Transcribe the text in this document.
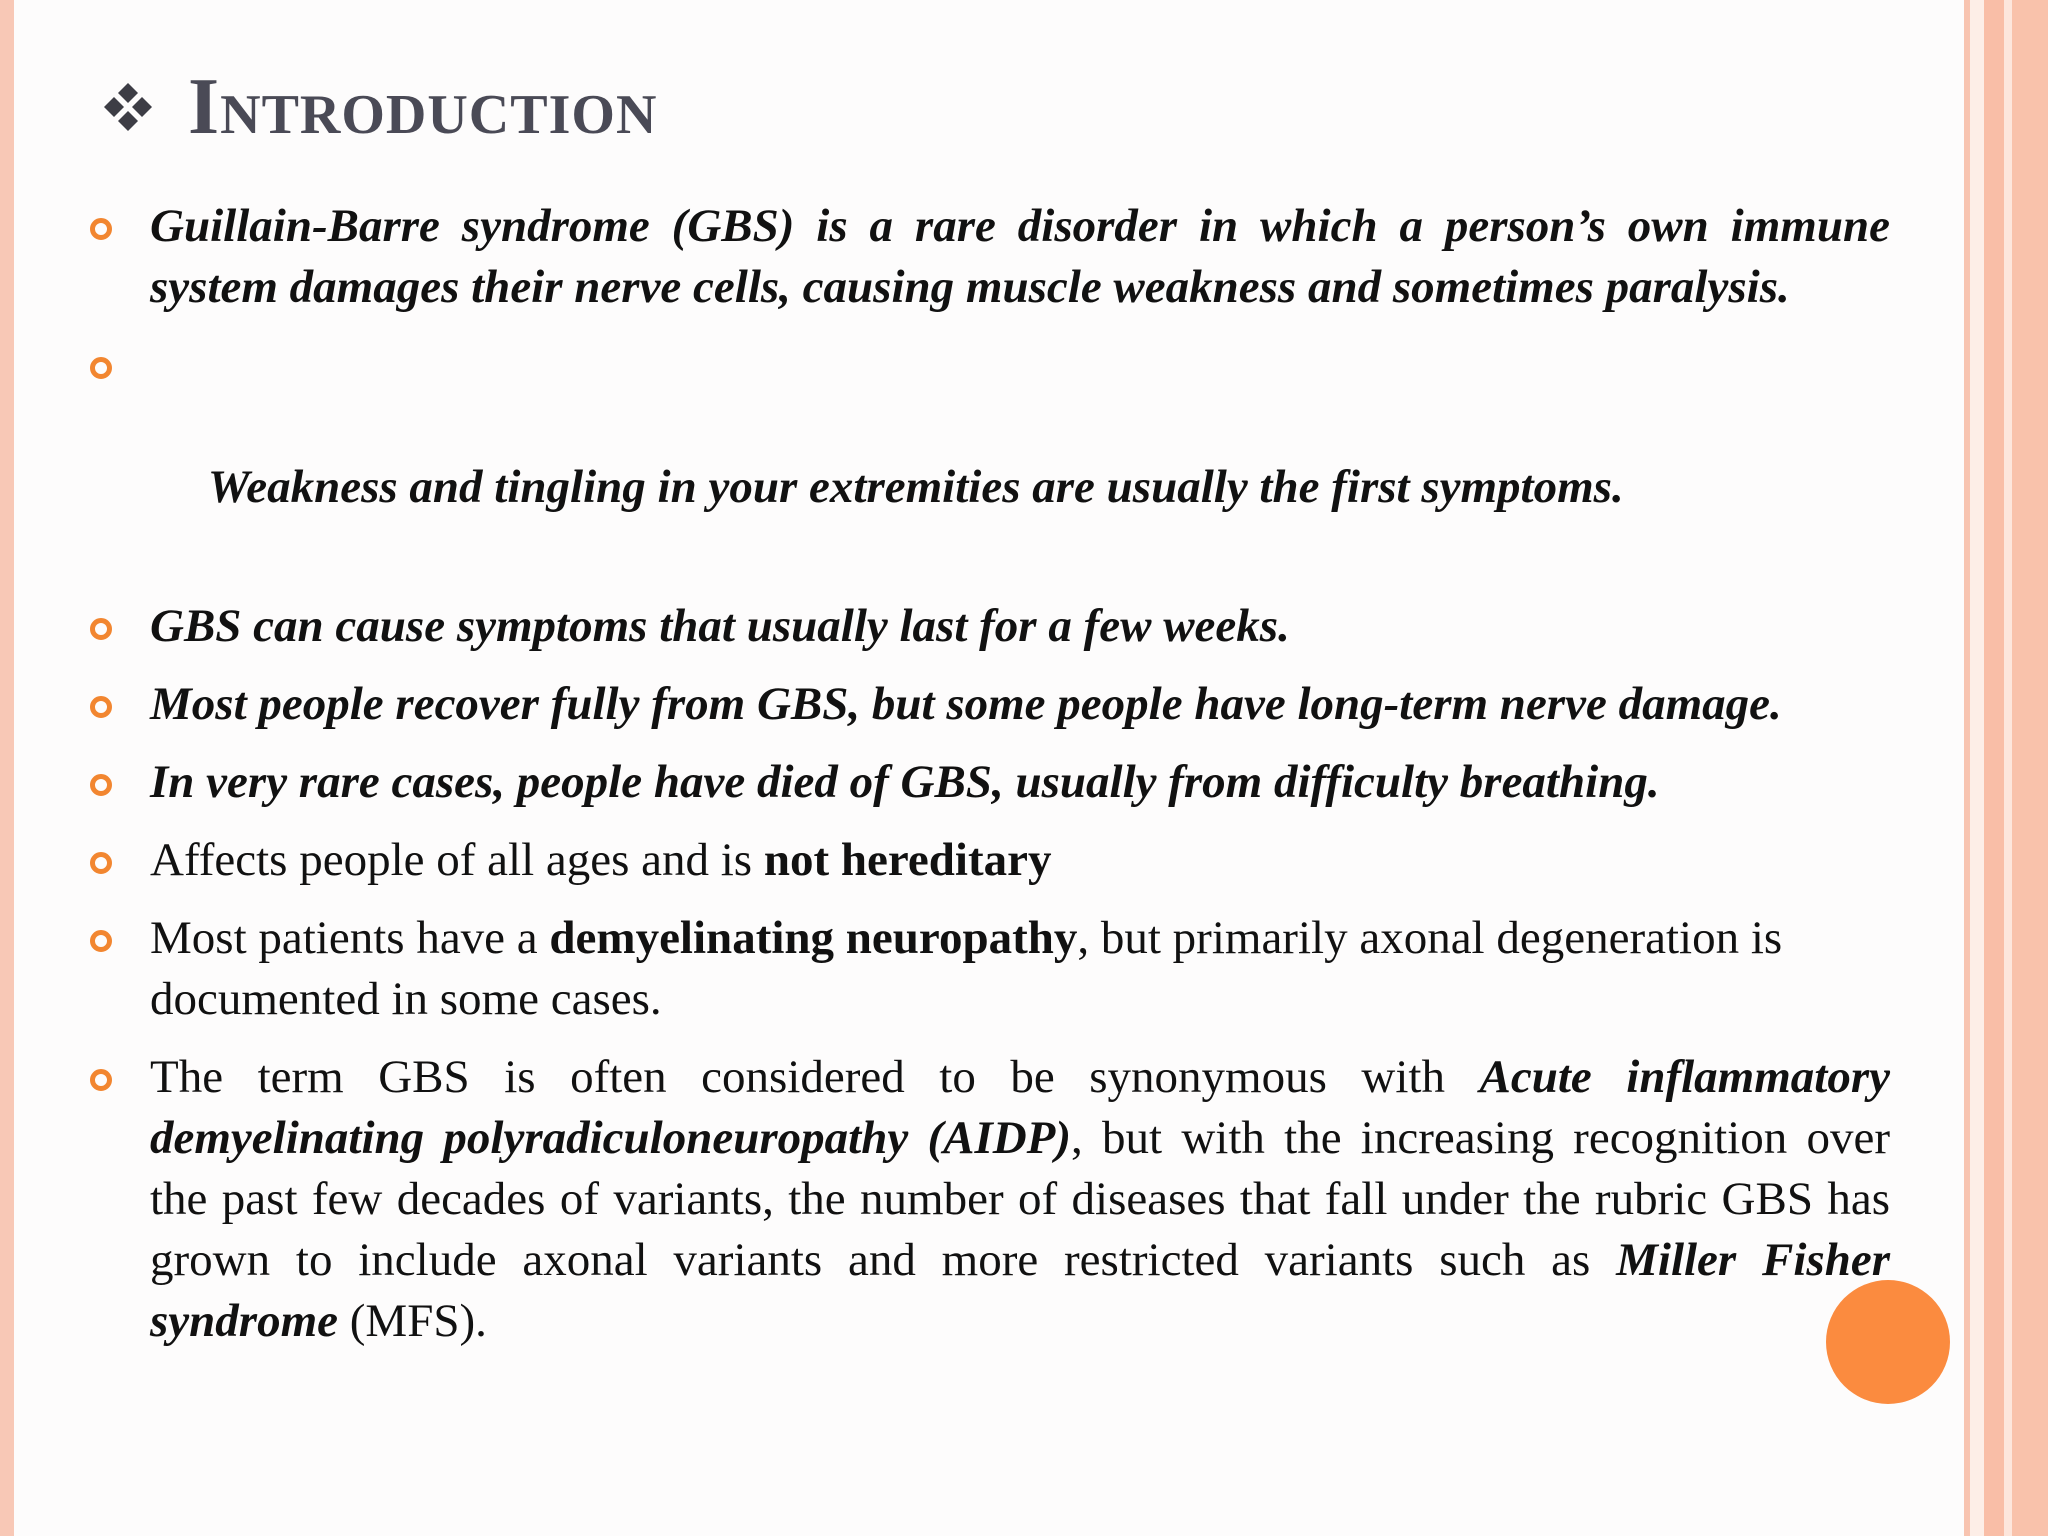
Introduction
Guillain-Barre syndrome (GBS) is a rare disorder in which a person’s own immune system damages their nerve cells, causing muscle weakness and sometimes paralysis.

Weakness and tingling in your extremities are usually the first symptoms.

GBS can cause symptoms that usually last for a few weeks.
Most people recover fully from GBS, but some people have long-term nerve damage.
In very rare cases, people have died of GBS, usually from difficulty breathing.
Affects people of all ages and is not hereditary
Most patients have a demyelinating neuropathy, but primarily axonal degeneration is documented in some cases.
The term GBS is often considered to be synonymous with Acute inflammatory demyelinating polyradiculoneuropathy (AIDP), but with the increasing recognition over the past few decades of variants, the number of diseases that fall under the rubric GBS has grown to include axonal variants and more restricted variants such as Miller Fisher syndrome (MFS).
